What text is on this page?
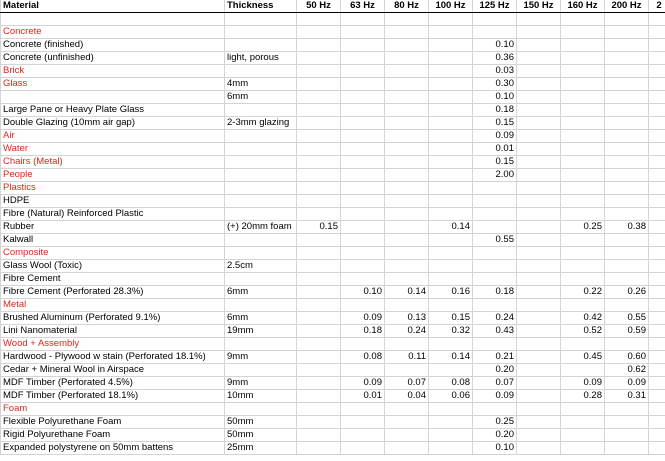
Material	Thickness	50 Hz	63 Hz	80 Hz	100 Hz	125 Hz	150 Hz	160 Hz	200 Hz	2

Concrete										
Concrete (finished)						0.10				
Concrete (unfinished)	light, porous					0.36				
Brick						0.03				
Glass	4mm					0.30				
	6mm					0.10				
Large Pane or Heavy Plate Glass						0.18				
Double Glazing (10mm air gap)	2-3mm glazing					0.15				
Air						0.09				
Water						0.01				
Chairs (Metal)						0.15				
People						2.00				
Plastics										
HDPE										
Fibre (Natural) Reinforced Plastic										
Rubber	(+) 20mm foam	0.15			0.14			0.25	0.38	
Kalwall						0.55				
Composite										
Glass Wool (Toxic)	2.5cm									
Fibre Cement										
Fibre Cement (Perforated 28.3%)	6mm		0.10	0.14	0.16	0.18		0.22	0.26	
Metal										
Brushed Aluminum (Perforated 9.1%)	6mm		0.09	0.13	0.15	0.24		0.42	0.55	
Lini Nanomaterial	19mm		0.18	0.24	0.32	0.43		0.52	0.59	
Wood + Assembly										
Hardwood - Plywood w stain (Perforated 18.1%)	9mm		0.08	0.11	0.14	0.21		0.45	0.60	
Cedar + Mineral Wool in Airspace						0.20			0.62	
MDF Timber (Perforated 4.5%)	9mm		0.09	0.07	0.08	0.07		0.09	0.09	
MDF Timber (Perforated 18.1%)	10mm		0.01	0.04	0.06	0.09		0.28	0.31	
Foam										
Flexible Polyurethane Foam	50mm					0.25				
Rigid Polyurethane Foam	50mm					0.20				
Expanded polystyrene on 50mm battens	25mm					0.10				
